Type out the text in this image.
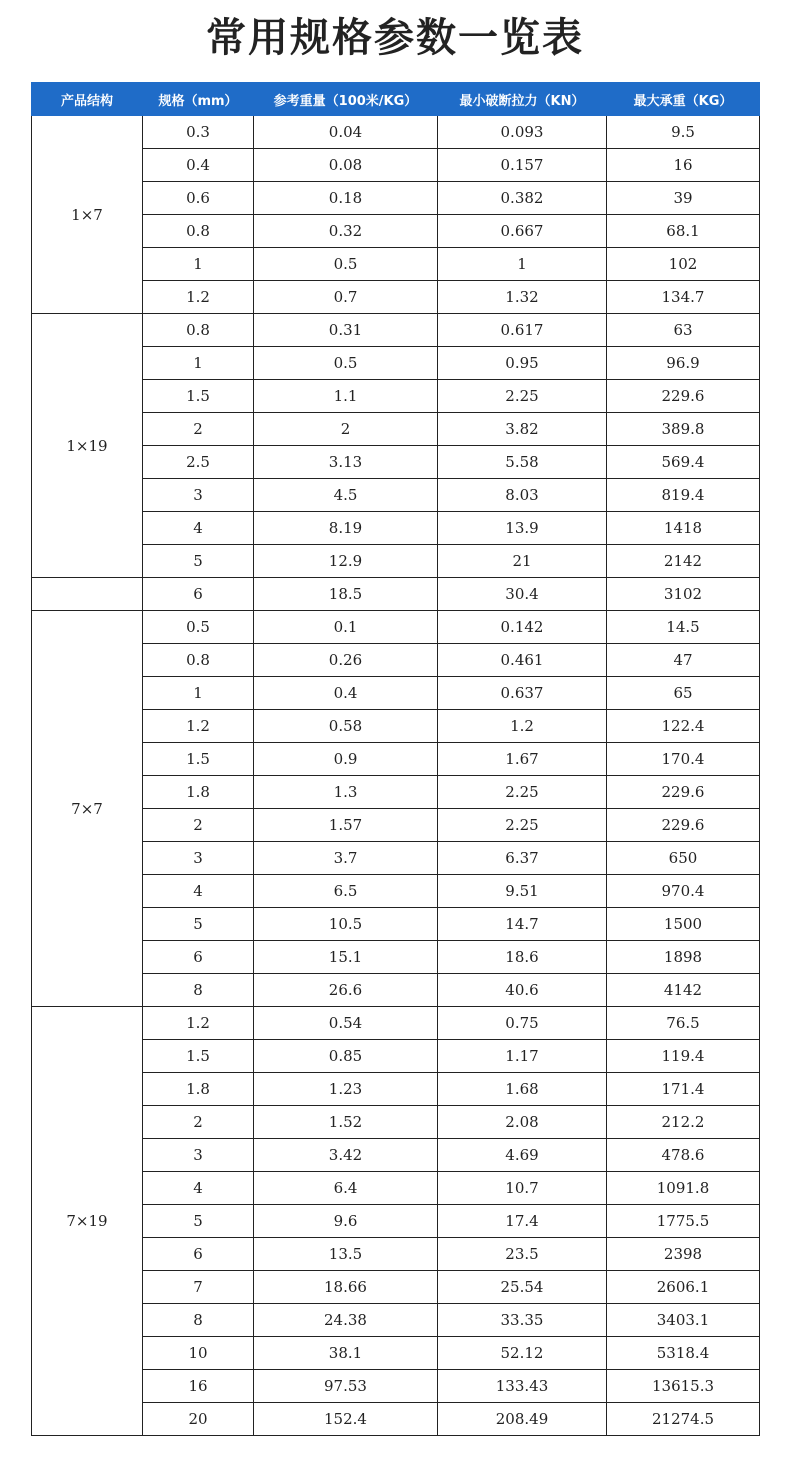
常用规格参数一览表
产品结构	规格（mm）	参考重量（100米/KG）	最小破断拉力（KN）	最大承重（KG）
1×7	0.3	0.04	0.093	9.5
	0.4	0.08	0.157	16
	0.6	0.18	0.382	39
	0.8	0.32	0.667	68.1
	1	0.5	1	102
	1.2	0.7	1.32	134.7
1×19	0.8	0.31	0.617	63
	1	0.5	0.95	96.9
	1.5	1.1	2.25	229.6
	2	2	3.82	389.8
	2.5	3.13	5.58	569.4
	3	4.5	8.03	819.4
	4	8.19	13.9	1418
	5	12.9	21	2142
	6	18.5	30.4	3102
7×7	0.5	0.1	0.142	14.5
	0.8	0.26	0.461	47
	1	0.4	0.637	65
	1.2	0.58	1.2	122.4
	1.5	0.9	1.67	170.4
	1.8	1.3	2.25	229.6
	2	1.57	2.25	229.6
	3	3.7	6.37	650
	4	6.5	9.51	970.4
	5	10.5	14.7	1500
	6	15.1	18.6	1898
	8	26.6	40.6	4142
7×19	1.2	0.54	0.75	76.5
	1.5	0.85	1.17	119.4
	1.8	1.23	1.68	171.4
	2	1.52	2.08	212.2
	3	3.42	4.69	478.6
	4	6.4	10.7	1091.8
	5	9.6	17.4	1775.5
	6	13.5	23.5	2398
	7	18.66	25.54	2606.1
	8	24.38	33.35	3403.1
	10	38.1	52.12	5318.4
	16	97.53	133.43	13615.3
	20	152.4	208.49	21274.5
